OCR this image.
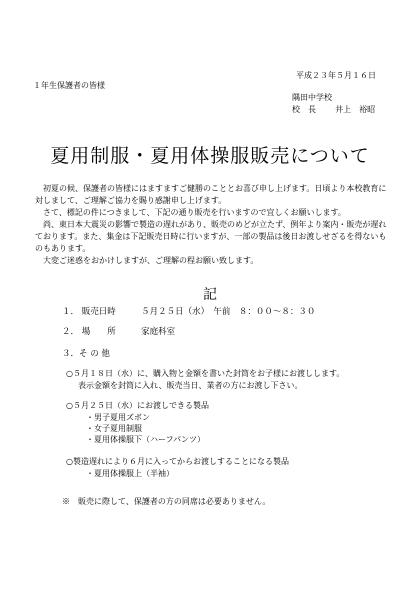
平成２３年５月１６日
１年生保護者の皆様
隅田中学校
校　長 井上　裕昭
夏用制服・夏用体操服販売について

初夏の候、保護者の皆様にはますますご健勝のこととお喜び申し上げます。日頃より本校教育に対しまして、ご理解ご協力を賜り感謝申し上げます。

さて、標記の件につきまして、下記の通り販売を行いますので宜しくお願いします。

尚、東日本大震災の影響で製造の遅れがあり、販売のめどが立たず、例年より案内・販売が遅れております。また、集金は下記販売日時に行いますが、一部の製品は後日お渡しせざるを得ないものもあります。

大変ご迷惑をおかけしますが、ご理解の程お願い致します。

記
１． 販売日時	５月２５日（水）　午前　８：００～８：３０
２． 場　　所	家庭科室
３．そ の 他
○５月１８日（水）に、購入物と金額を書いた封筒をお子様にお渡しします。
表示金額を封筒に入れ、販売当日、業者の方にお渡し下さい。
○５月２５日（水）にお渡しできる製品
・男子夏用ズボン
・女子夏用制服
・夏用体操服下（ハーフパンツ）
○製造遅れにより６月に入ってからお渡しすることになる製品
・夏用体操服上（半袖）
※　販売に際して、保護者の方の同席は必要ありません。
